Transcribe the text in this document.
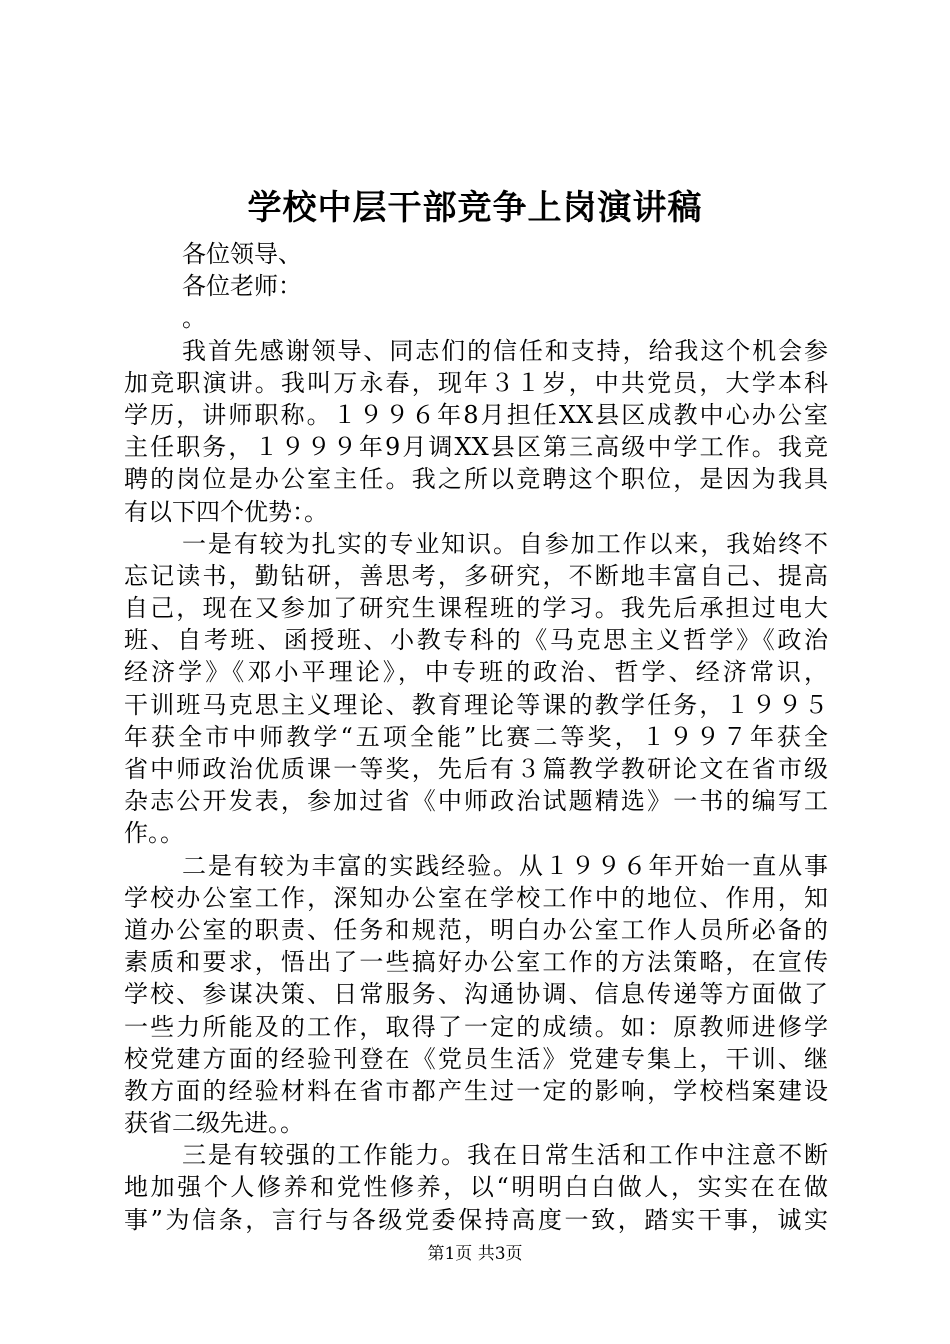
学校中层干部竞争上岗演讲稿
各位领导、
各位老师：
。
我首先感谢领导、同志们的信任和支持，给我这个机会参
加竞职演讲。我叫万永春，现年３１岁，中共党员，大学本科
学历，讲师职称。１９９６年8月担任XX县区成教中心办公室
主任职务，１９９９年9月调XX县区第三高级中学工作。我竞
聘的岗位是办公室主任。我之所以竞聘这个职位，是因为我具
有以下四个优势：。
一是有较为扎实的专业知识。自参加工作以来，我始终不
忘记读书，勤钻研，善思考，多研究，不断地丰富自己、提高
自己，现在又参加了研究生课程班的学习。我先后承担过电大
班、自考班、函授班、小教专科的《马克思主义哲学》《政治
经济学》《邓小平理论》，中专班的政治、哲学、经济常识，
干训班马克思主义理论、教育理论等课的教学任务，１９９５
年获全市中师教学“五项全能”比赛二等奖，１９９７年获全
省中师政治优质课一等奖，先后有３篇教学教研论文在省市级
杂志公开发表，参加过省《中师政治试题精选》一书的编写工
作。。
二是有较为丰富的实践经验。从１９９６年开始一直从事
学校办公室工作，深知办公室在学校工作中的地位、作用，知
道办公室的职责、任务和规范，明白办公室工作人员所必备的
素质和要求，悟出了一些搞好办公室工作的方法策略，在宣传
学校、参谋决策、日常服务、沟通协调、信息传递等方面做了
一些力所能及的工作，取得了一定的成绩。如：原教师进修学
校党建方面的经验刊登在《党员生活》党建专集上，干训、继
教方面的经验材料在省市都产生过一定的影响，学校档案建设
获省二级先进。。
三是有较强的工作能力。我在日常生活和工作中注意不断
地加强个人修养和党性修养，以“明明白白做人，实实在在做
事”为信条，言行与各级党委保持高度一致，踏实干事，诚实
第1页 共3页
